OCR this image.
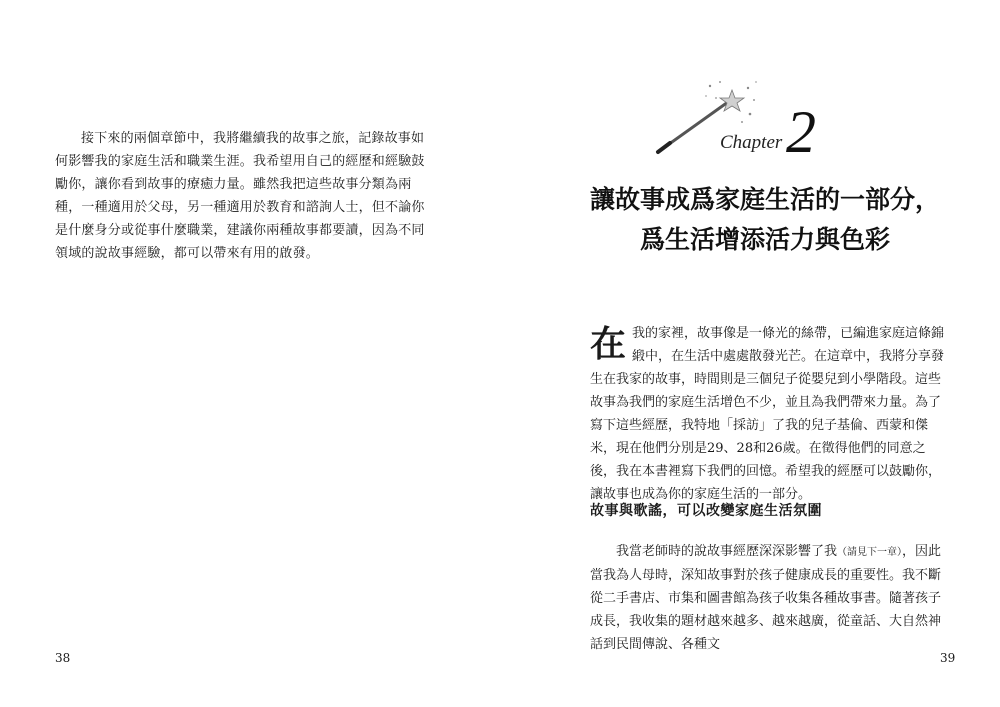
接下來的兩個章節中，我將繼續我的故事之旅，記錄故事如何影響我的家庭生活和職業生涯。我希望用自己的經歷和經驗鼓勵你，讓你看到故事的療癒力量。雖然我把這些故事分類為兩種，一種適用於父母，另一種適用於教育和諮詢人士，但不論你是什麼身分或從事什麼職業，建議你兩種故事都要讀，因為不同領域的說故事經驗，都可以帶來有用的啟發。

38
Chapter 2
讓故事成爲家庭生活的一部分，
爲生活增添活力與色彩
在 我的家裡，故事像是一條光的絲帶，已編進家庭這條錦緞中，在生活中處處散發光芒。在這章中，我將分享發生在我家的故事，時間則是三個兒子從嬰兒到小學階段。這些故事為我們的家庭生活增色不少，並且為我們帶來力量。為了寫下這些經歷，我特地「採訪」了我的兒子基倫、西蒙和傑米，現在他們分別是29、28和26歲。在徵得他們的同意之後，我在本書裡寫下我們的回憶。希望我的經歷可以鼓勵你，讓故事也成為你的家庭生活的一部分。

故事與歌謠，可以改變家庭生活氛圍

我當老師時的說故事經歷深深影響了我（請見下一章），因此當我為人母時，深知故事對於孩子健康成長的重要性。我不斷從二手書店、市集和圖書館為孩子收集各種故事書。隨著孩子成長，我收集的題材越來越多、越來越廣，從童話、大自然神話到民間傳說、各種文

39
